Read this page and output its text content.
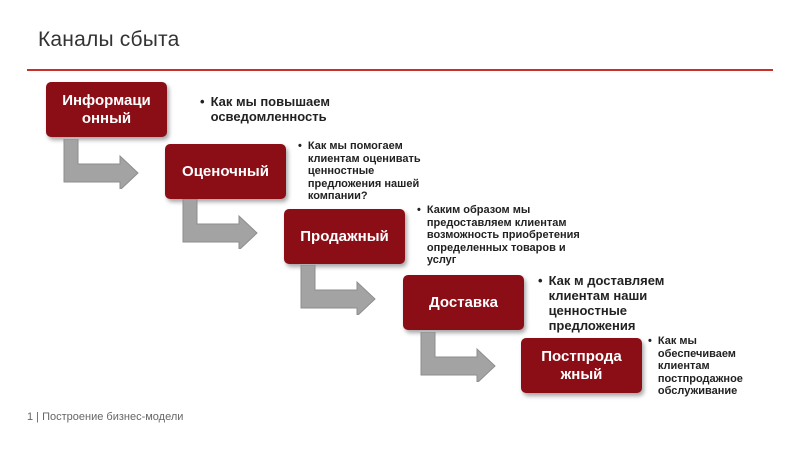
Каналы сбыта
Информаци
онный
• Как мы повышаем
осведомленность
Оценочный
• Как мы помогаем
клиентам оценивать
ценностные
предложения нашей
компании?
Продажный
• Каким образом мы
предоставляем клиентам
возможность приобретения
определенных товаров и
услуг
Доставка
• Как м доставляем
клиентам наши
ценностные
предложения
Постпрода
жный
• Как мы
обеспечиваем
клиентам
постпродажное
обслуживание
1 | Построение бизнес-модели
